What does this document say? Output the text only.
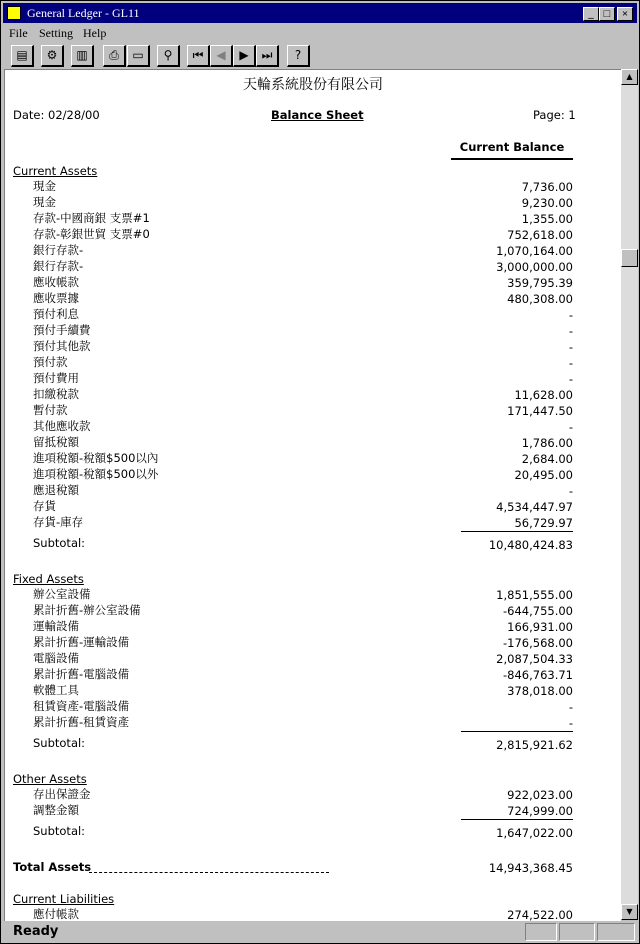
General Ledger - GL11	_ □	×
File Setting Help
▤	⚙	▥	⎙	▭	⚲	⏮	◀	▶	⏭	?
天輪系統股份有限公司
Date: 02/28/00	Balance Sheet	Page: 1
Current Balance
Current Assets
現金	7,736.00
現金	9,230.00
存款-中國商銀 支票#1	1,355.00
存款-彰銀世貿 支票#0	752,618.00
銀行存款-	1,070,164.00
銀行存款-	3,000,000.00
應收帳款	359,795.39
應收票據	480,308.00
預付利息	-
預付手續費	-
預付其他款	-
預付款	-
預付費用	-
扣繳稅款	11,628.00
暫付款	171,447.50
其他應收款	-
留抵稅額	1,786.00
進項稅額-稅額$500以內	2,684.00
進項稅額-稅額$500以外	20,495.00
應退稅額	-
存貨	4,534,447.97
存貨-庫存	56,729.97
Subtotal:	10,480,424.83
Fixed Assets
辦公室設備	1,851,555.00
累計折舊-辦公室設備	-644,755.00
運輸設備	166,931.00
累計折舊-運輸設備	-176,568.00
電腦設備	2,087,504.33
累計折舊-電腦設備	-846,763.71
軟體工具	378,018.00
租賃資產-電腦設備	-
累計折舊-租賃資產	-
Subtotal:	2,815,921.62
Other Assets
存出保證金	922,023.00
調整金額	724,999.00
Subtotal:	1,647,022.00
Total Assets	14,943,368.45
Current Liabilities
應付帳款	274,522.00
▲
▼
Ready
